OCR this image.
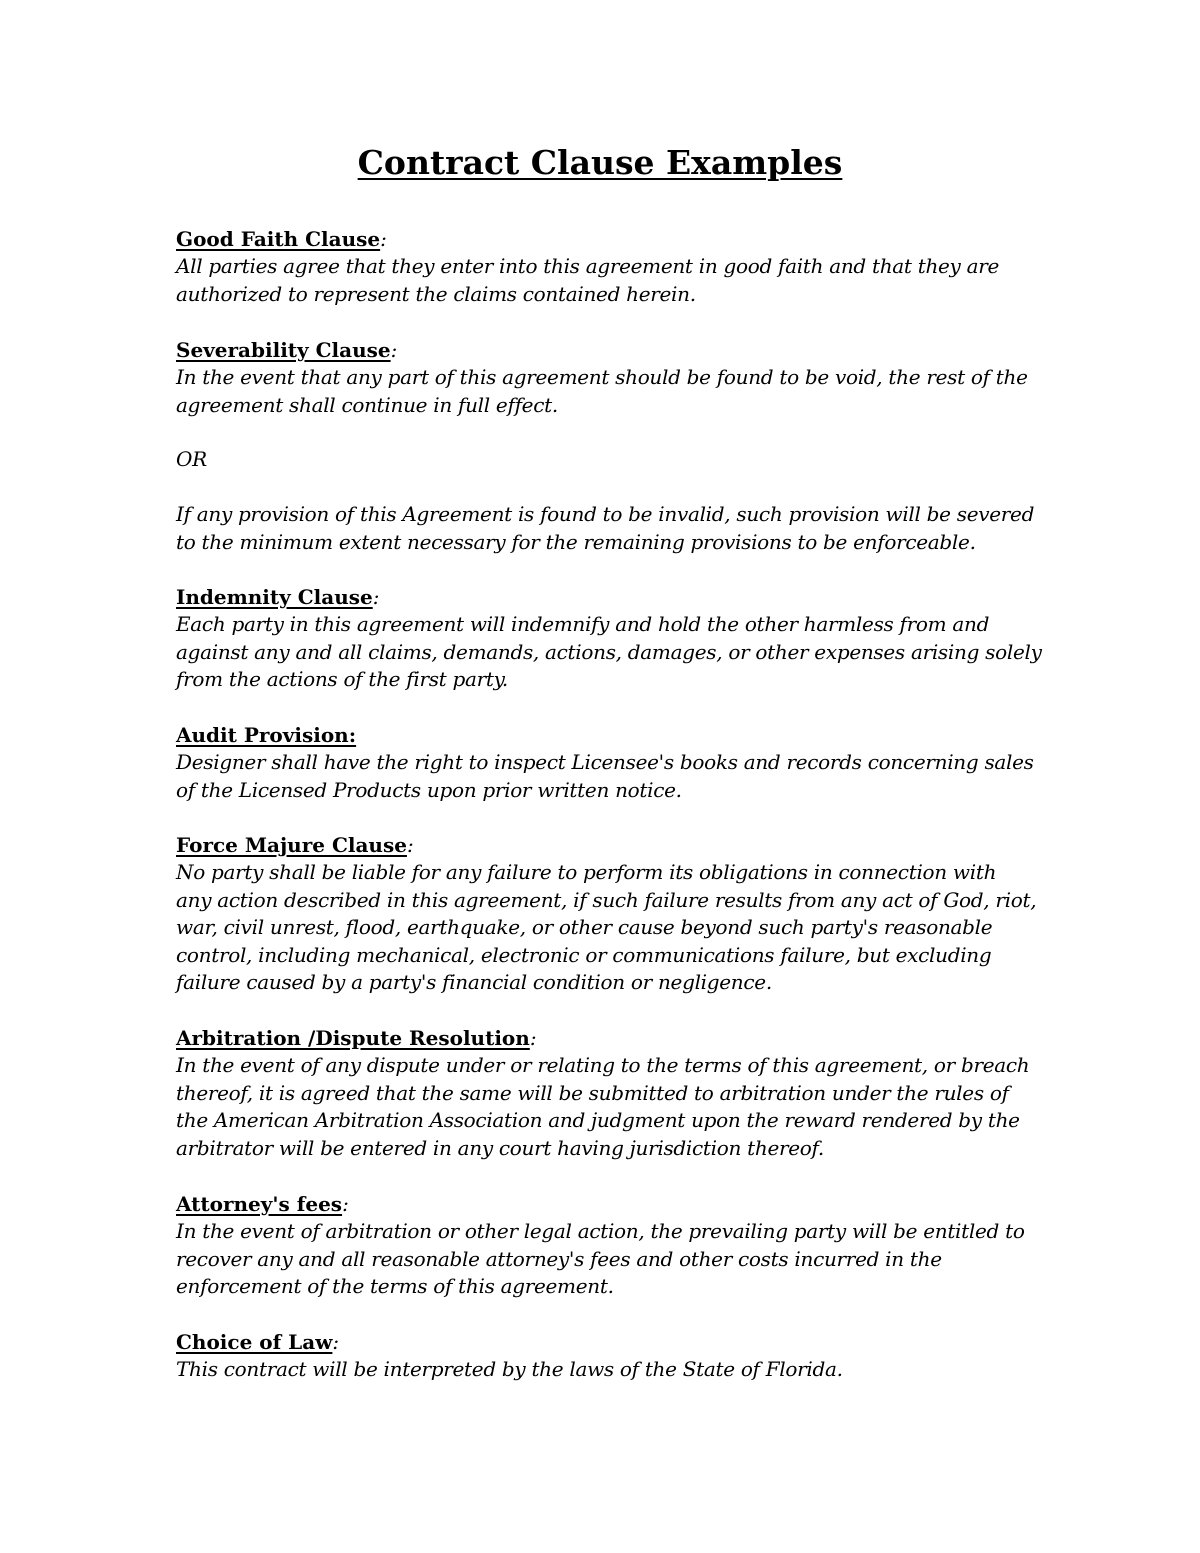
Contract Clause Examples
Good Faith Clause:
All parties agree that they enter into this agreement in good faith and that they are
authorized to represent the claims contained herein.
Severability Clause:
In the event that any part of this agreement should be found to be void, the rest of the
agreement shall continue in full effect.
OR
If any provision of this Agreement is found to be invalid, such provision will be severed
to the minimum extent necessary for the remaining provisions to be enforceable.
Indemnity Clause:
Each party in this agreement will indemnify and hold the other harmless from and
against any and all claims, demands, actions, damages, or other expenses arising solely
from the actions of the first party.
Audit Provision:
Designer shall have the right to inspect Licensee's books and records concerning sales
of the Licensed Products upon prior written notice.
Force Majure Clause:
No party shall be liable for any failure to perform its obligations in connection with
any action described in this agreement, if such failure results from any act of God, riot,
war, civil unrest, flood, earthquake, or other cause beyond such party's reasonable
control, including mechanical, electronic or communications failure, but excluding
failure caused by a party's financial condition or negligence.
Arbitration /Dispute Resolution:
In the event of any dispute under or relating to the terms of this agreement, or breach
thereof, it is agreed that the same will be submitted to arbitration under the rules of
the American Arbitration Association and judgment upon the reward rendered by the
arbitrator will be entered in any court having jurisdiction thereof.
Attorney's fees:
In the event of arbitration or other legal action, the prevailing party will be entitled to
recover any and all reasonable attorney's fees and other costs incurred in the
enforcement of the terms of this agreement.
Choice of Law:
This contract will be interpreted by the laws of the State of Florida.
